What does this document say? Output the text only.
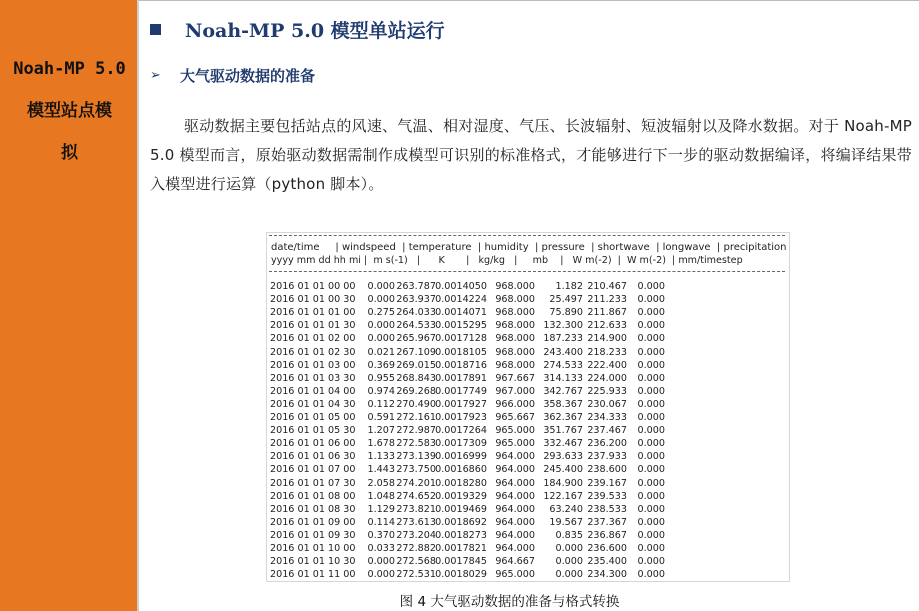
Noah-MP 5.0
模型站点模
拟
Noah-MP 5.0 模型单站运行
➢	大气驱动数据的准备
驱动数据主要包括站点的风速、气温、相对湿度、气压、长波辐射、短波辐射以及降水数据。对于 Noah-MP 5.0 模型而言，原始驱动数据需制作成模型可识别的标准格式，才能够进行下一步的驱动数据编译，将编译结果带入模型进行运算（python 脚本）。
date/time     | windspeed  | temperature  | humidity  | pressure  | shortwave  | longwave  | precipitation
yyyy mm dd hh mi |  m s(-1)   |      K       |   kg/kg   |     mb    |   W m(-2)  |  W m(-2)  | mm/timestep
2016 01 01 00 00 0.000 263.787 0.0014050 968.000 1.182 210.467 0.000
2016 01 01 00 30 0.000 263.937 0.0014224 968.000 25.497 211.233 0.000
2016 01 01 01 00 0.275 264.033 0.0014071 968.000 75.890 211.867 0.000
2016 01 01 01 30 0.000 264.533 0.0015295 968.000 132.300 212.633 0.000
2016 01 01 02 00 0.000 265.967 0.0017128 968.000 187.233 214.900 0.000
2016 01 01 02 30 0.021 267.109 0.0018105 968.000 243.400 218.233 0.000
2016 01 01 03 00 0.369 269.015 0.0018716 968.000 274.533 222.400 0.000
2016 01 01 03 30 0.955 268.843 0.0017891 967.667 314.133 224.000 0.000
2016 01 01 04 00 0.974 269.268 0.0017749 967.000 342.767 225.933 0.000
2016 01 01 04 30 0.112 270.490 0.0017927 966.000 358.367 230.067 0.000
2016 01 01 05 00 0.591 272.161 0.0017923 965.667 362.367 234.333 0.000
2016 01 01 05 30 1.207 272.987 0.0017264 965.000 351.767 237.467 0.000
2016 01 01 06 00 1.678 272.583 0.0017309 965.000 332.467 236.200 0.000
2016 01 01 06 30 1.133 273.139 0.0016999 964.000 293.633 237.933 0.000
2016 01 01 07 00 1.443 273.750 0.0016860 964.000 245.400 238.600 0.000
2016 01 01 07 30 2.058 274.201 0.0018280 964.000 184.900 239.167 0.000
2016 01 01 08 00 1.048 274.652 0.0019329 964.000 122.167 239.533 0.000
2016 01 01 08 30 1.129 273.821 0.0019469 964.000 63.240 238.533 0.000
2016 01 01 09 00 0.114 273.613 0.0018692 964.000 19.567 237.367 0.000
2016 01 01 09 30 0.370 273.204 0.0018273 964.000 0.835 236.867 0.000
2016 01 01 10 00 0.033 272.882 0.0017821 964.000 0.000 236.600 0.000
2016 01 01 10 30 0.000 272.568 0.0017845 964.667 0.000 235.400 0.000
2016 01 01 11 00 0.000 272.531 0.0018029 965.000 0.000 234.300 0.000
图 4 大气驱动数据的准备与格式转换
